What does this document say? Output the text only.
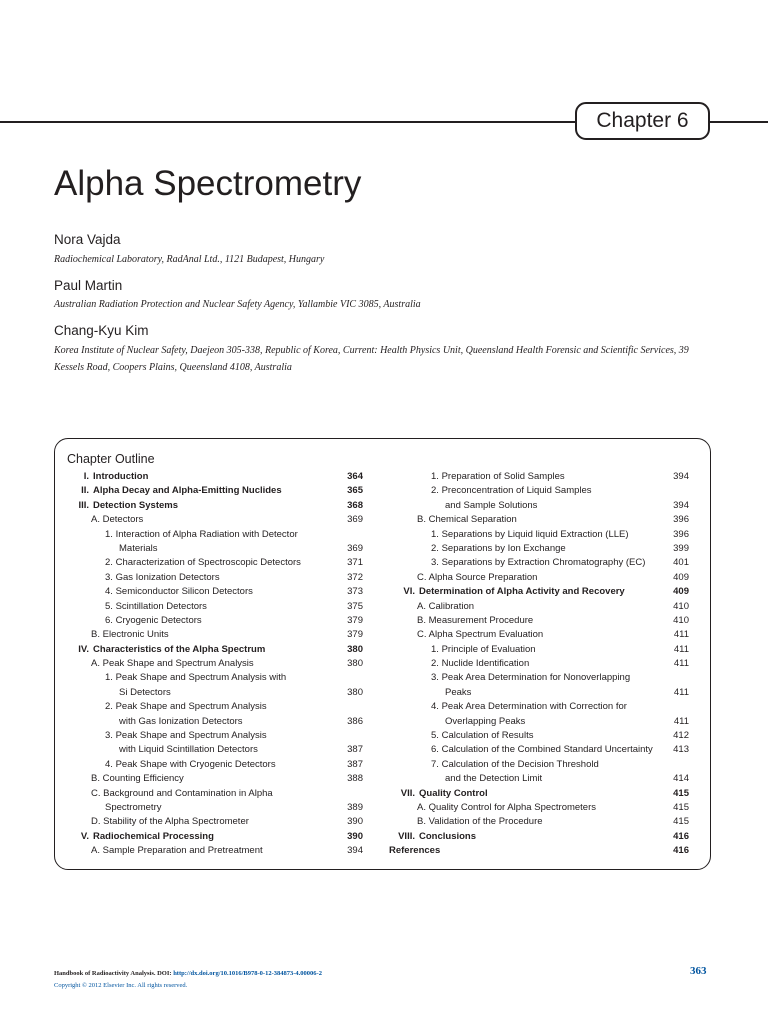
Chapter 6
Alpha Spectrometry
Nora Vajda
Radiochemical Laboratory, RadAnal Ltd., 1121 Budapest, Hungary
Paul Martin
Australian Radiation Protection and Nuclear Safety Agency, Yallambie VIC 3085, Australia
Chang-Kyu Kim
Korea Institute of Nuclear Safety, Daejeon 305-338, Republic of Korea, Current: Health Physics Unit, Queensland Health Forensic and Scientific Services, 39 Kessels Road, Coopers Plains, Queensland 4108, Australia
Chapter Outline
I. Introduction	364
II. Alpha Decay and Alpha-Emitting Nuclides	365
III. Detection Systems	368
A. Detectors	369
1. Interaction of Alpha Radiation with Detector
Materials	369
2. Characterization of Spectroscopic Detectors	371
3. Gas Ionization Detectors	372
4. Semiconductor Silicon Detectors	373
5. Scintillation Detectors	375
6. Cryogenic Detectors	379
B. Electronic Units	379
IV. Characteristics of the Alpha Spectrum	380
A. Peak Shape and Spectrum Analysis	380
1. Peak Shape and Spectrum Analysis with
Si Detectors	380
2. Peak Shape and Spectrum Analysis
with Gas Ionization Detectors	386
3. Peak Shape and Spectrum Analysis
with Liquid Scintillation Detectors	387
4. Peak Shape with Cryogenic Detectors	387
B. Counting Efficiency	388
C. Background and Contamination in Alpha
Spectrometry	389
D. Stability of the Alpha Spectrometer	390
V. Radiochemical Processing	390
A. Sample Preparation and Pretreatment	394
1. Preparation of Solid Samples	394
2. Preconcentration of Liquid Samples
and Sample Solutions	394
B. Chemical Separation	396
1. Separations by Liquid liquid Extraction (LLE)	396
2. Separations by Ion Exchange	399
3. Separations by Extraction Chromatography (EC)	401
C. Alpha Source Preparation	409
VI. Determination of Alpha Activity and Recovery	409
A. Calibration	410
B. Measurement Procedure	410
C. Alpha Spectrum Evaluation	411
1. Principle of Evaluation	411
2. Nuclide Identification	411
3. Peak Area Determination for Nonoverlapping
Peaks	411
4. Peak Area Determination with Correction for
Overlapping Peaks	411
5. Calculation of Results	412
6. Calculation of the Combined Standard Uncertainty 413
7. Calculation of the Decision Threshold
and the Detection Limit	414
VII. Quality Control	415
A. Quality Control for Alpha Spectrometers	415
B. Validation of the Procedure	415
VIII. Conclusions	416
References	416
Handbook of Radioactivity Analysis. DOI: http://dx.doi.org/10.1016/B978-0-12-384873-4.00006-2
Copyright © 2012 Elsevier Inc. All rights reserved.
363
